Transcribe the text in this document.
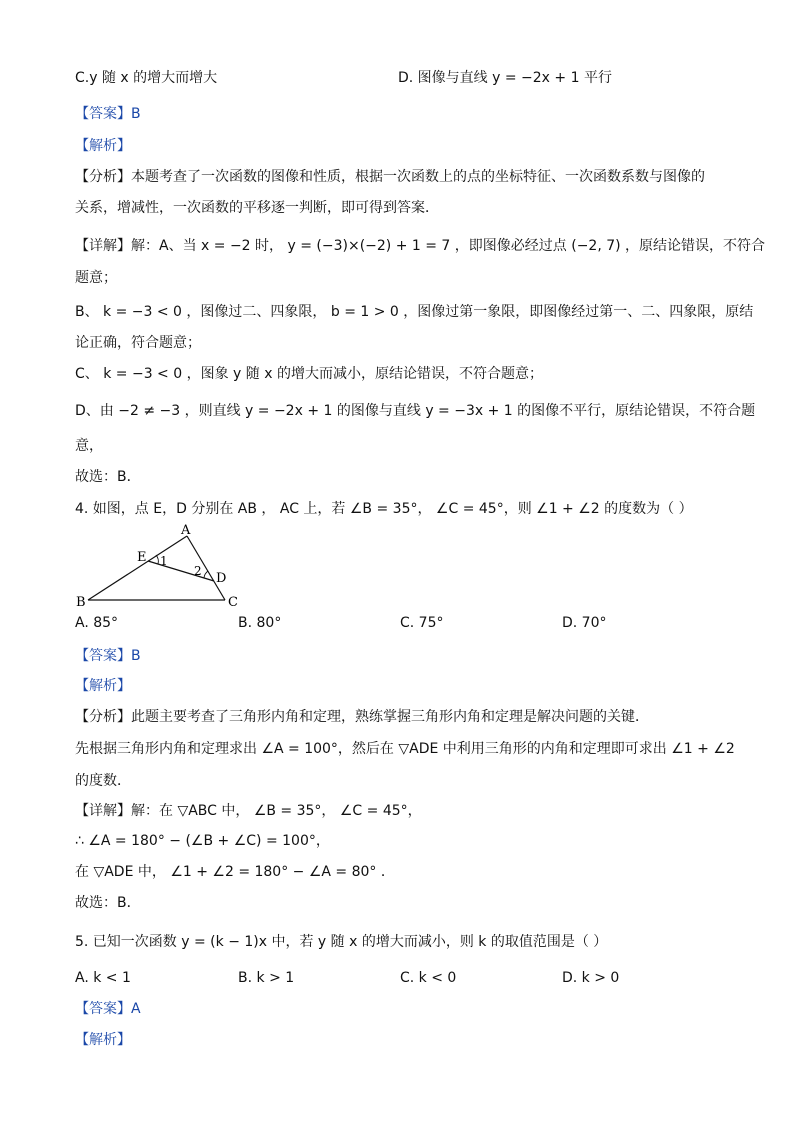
C.y 随 x 的增大而增大	D. 图像与直线 y = −2x + 1 平行
【答案】B
【解析】
【分析】本题考查了一次函数的图像和性质，根据一次函数上的点的坐标特征、一次函数系数与图像的
关系，增减性，一次函数的平移逐一判断，即可得到答案．
【详解】解：A、当 x = −2 时， y = (−3)×(−2) + 1 = 7 ，即图像必经过点 (−2, 7) ，原结论错误，不符合
题意；
B、 k = −3 < 0 ，图像过二、四象限， b = 1 > 0 ，图像过第一象限，即图像经过第一、二、四象限，原结
论正确，符合题意；
C、 k = −3 < 0 ，图象 y 随 x 的增大而减小，原结论错误，不符合题意；
D、由 −2 ≠ −3 ，则直线 y = −2x + 1 的图像与直线 y = −3x + 1 的图像不平行，原结论错误，不符合题
意，
故选：B．
4. 如图，点 E，D 分别在 AB ， AC 上，若 ∠B = 35°， ∠C = 45°，则 ∠1 + ∠2 的度数为（ ）
A
B	C
D
E 1
2
A. 85°	B. 80°	C. 75°	D. 70°
【答案】B
【解析】
【分析】此题主要考查了三角形内角和定理，熟练掌握三角形内角和定理是解决问题的关键．
先根据三角形内角和定理求出 ∠A = 100°，然后在 ▽ADE 中利用三角形的内角和定理即可求出 ∠1 + ∠2
的度数．
【详解】解：在 ▽ABC 中， ∠B = 35°， ∠C = 45°，
∴ ∠A = 180° − (∠B + ∠C) = 100°，
在 ▽ADE 中， ∠1 + ∠2 = 180° − ∠A = 80° ．
故选：B．
5. 已知一次函数 y = (k − 1)x 中，若 y 随 x 的增大而减小，则 k 的取值范围是（ ）
A. k < 1	B. k > 1	C. k < 0	D. k > 0
【答案】A
【解析】
